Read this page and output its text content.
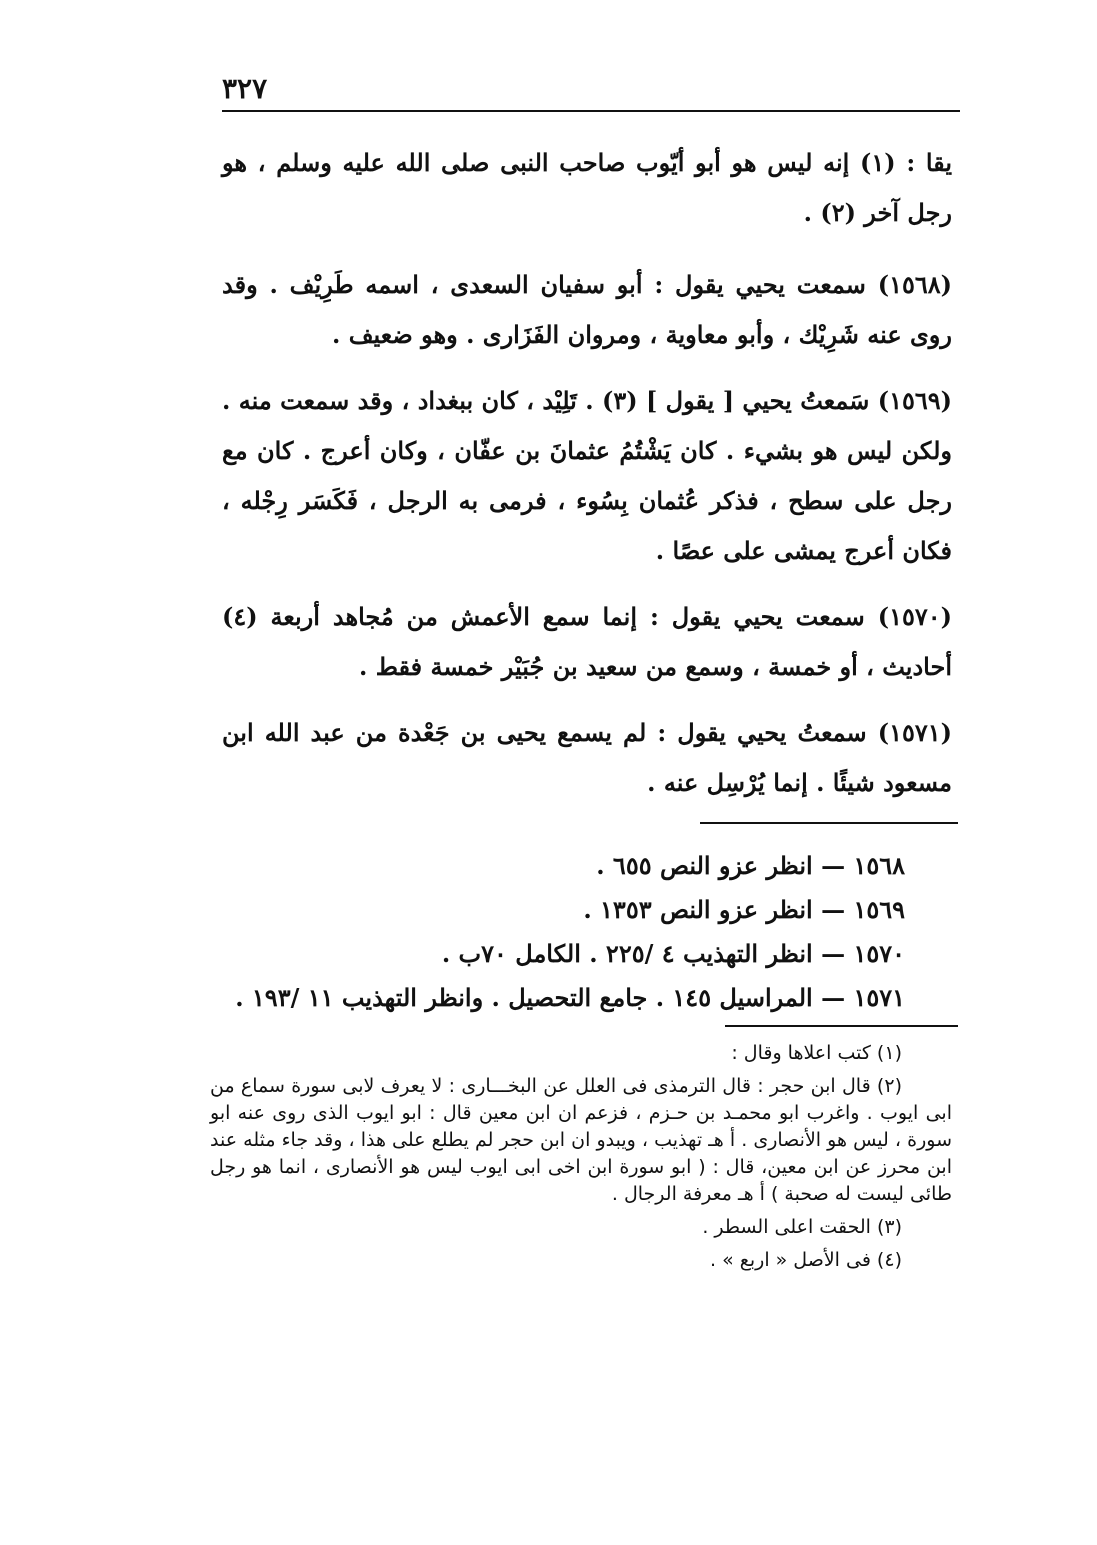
٣٢٧

يقا : (١) إنه ليس هو أبو أيّوب صاحب النبى صلى الله عليه وسلم ، هو رجل آخر (٢) .

(١٥٦٨) سمعت يحيي يقول : أبو سفيان السعدى ، اسمه طَرِيْف . وقد روى عنه شَرِيْك ، وأبو معاوية ، ومروان الفَزَارى . وهو ضعيف .

(١٥٦٩) سَمعتُ يحيي [ يقول ] (٣) . تَلِيْد ، كان ببغداد ، وقد سمعت منه . ولكن ليس هو بشيء . كان يَشْتُمُ عثمانَ بن عفّان ، وكان أعرج . كان مع رجل على سطح ، فذكر عُثمان بِسُوء ، فرمى به الرجل ، فَكَسَر رِجْله ، فكان أعرج يمشى على عصًا .

(١٥٧٠) سمعت يحيي يقول : إنما سمع الأعمش من مُجاهد أربعة (٤) أحاديث ، أو خمسة ، وسمع من سعيد بن جُبَيْر خمسة فقط .

(١٥٧١) سمعتُ يحيي يقول : لم يسمع يحيى بن جَعْدة من عبد الله ابن مسعود شيئًا . إنما يُرْسِل عنه .

١٥٦٨ — انظر عزو النص ٦٥٥ .
١٥٦٩ — انظر عزو النص ١٣٥٣ .
١٥٧٠ — انظر التهذيب ٤ /٢٢٥ . الكامل ٧٠ب .
١٥٧١ — المراسيل ١٤٥ . جامع التحصيل . وانظر التهذيب ١١ /١٩٣ .
(١) كتب اعلاها وقال :
(٢) قال ابن حجر : قال الترمذى فى العلل عن البخـــارى : لا يعرف لابى سورة سماع من ابى ايوب . واغرب ابو محمـد بن حـزم ، فزعم ان ابن معين قال : ابو ايوب الذى روى عنه ابو سورة ، ليس هو الأنصارى . أ هـ تهذيب ، ويبدو ان ابن حجر لم يطلع على هذا ، وقد جاء مثله عند ابن محرز عن ابن معين، قال : ( ابو سورة ابن اخى ابى ايوب ليس هو الأنصارى ، انما هو رجل طائى ليست له صحبة ) أ هـ معرفة الرجال .
(٣) الحقت اعلى السطر .
(٤) فى الأصل « اربع » .
